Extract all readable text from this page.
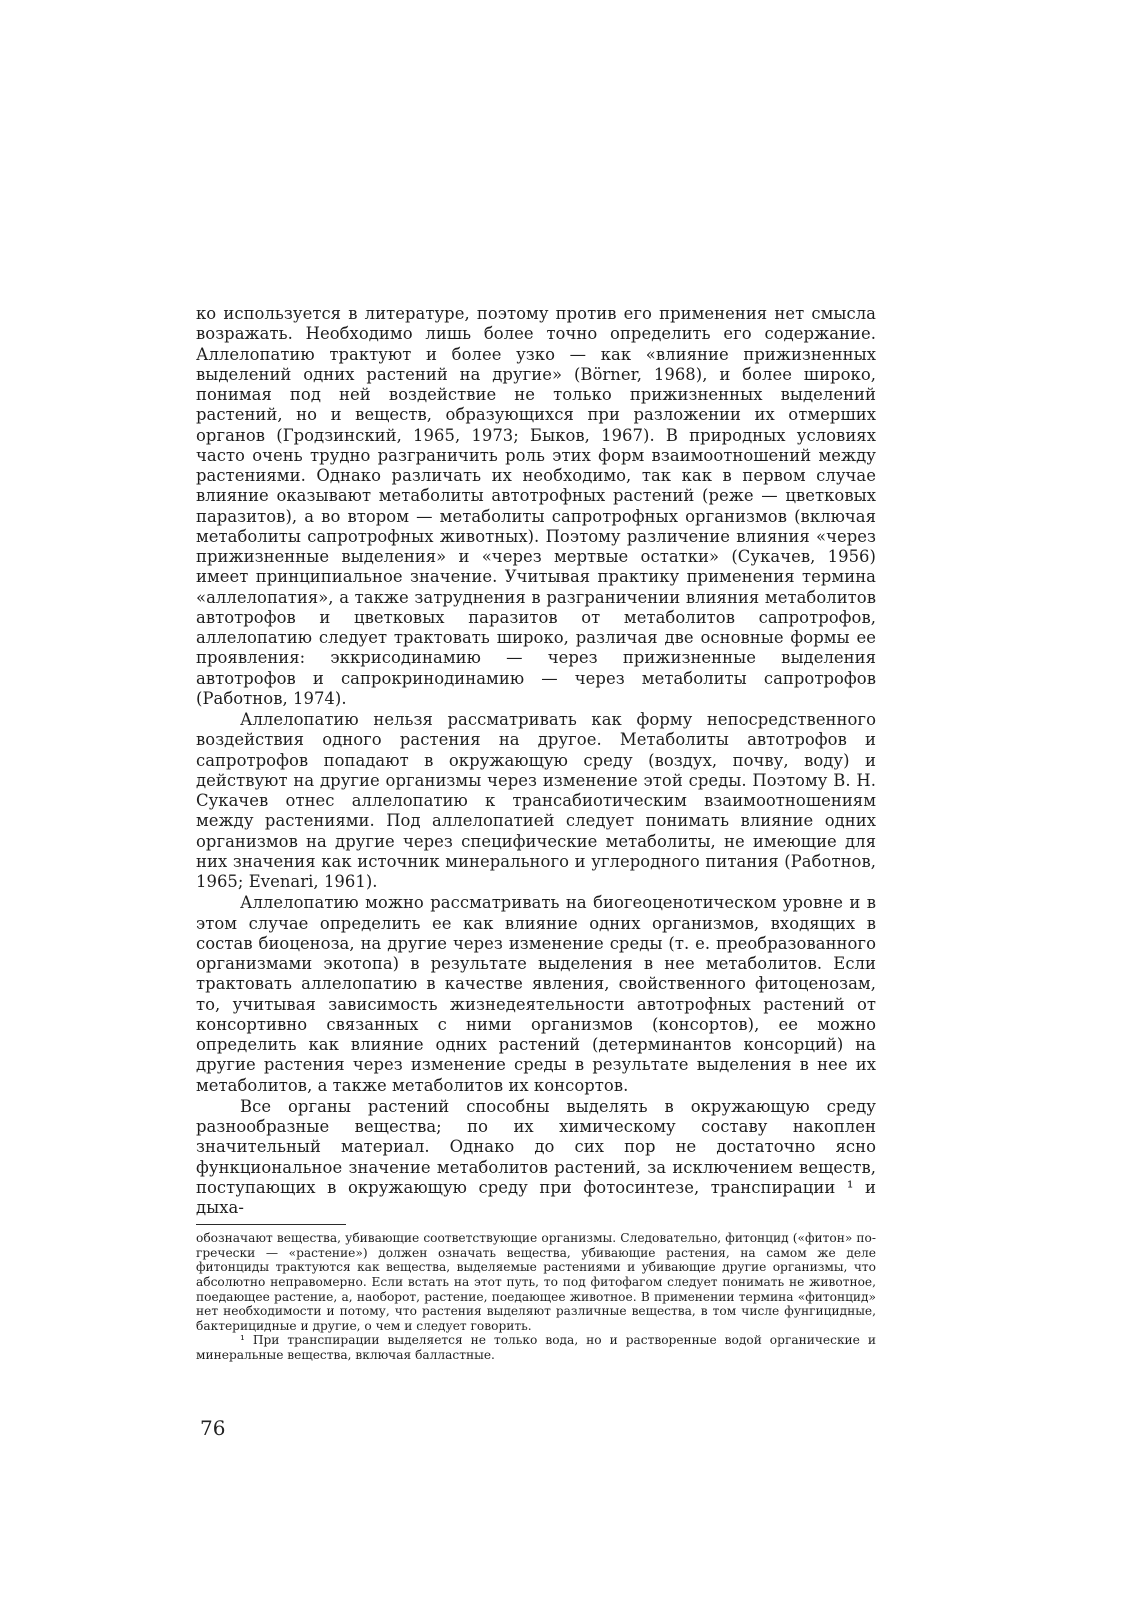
ко используется в литературе, поэтому против его применения нет смысла возражать. Необходимо лишь более точно определить его содержание. Аллелопатию трактуют и более узко — как «влияние прижизненных выделений одних растений на другие» (Börner, 1968), и более широко, понимая под ней воздействие не только прижизненных выделений растений, но и веществ, образующихся при разложении их отмерших органов (Гродзинский, 1965, 1973; Быков, 1967). В природных условиях часто очень трудно разграничить роль этих форм взаимоотношений между растениями. Однако различать их необходимо, так как в первом случае влияние оказывают метаболиты автотрофных растений (реже — цветковых паразитов), а во втором — метаболиты сапротрофных организмов (включая метаболиты сапротрофных животных). Поэтому различение влияния «через прижизненные выделения» и «через мертвые остатки» (Сукачев, 1956) имеет принципиальное значение. Учитывая практику применения термина «аллелопатия», а также затруднения в разграничении влияния метаболитов автотрофов и цветковых паразитов от метаболитов сапротрофов, аллелопатию следует трактовать широко, различая две основные формы ее проявления: эккрисодинамию — через прижизненные выделения автотрофов и сапрокринодинамию — через метаболиты сапротрофов (Работнов, 1974).

Аллелопатию нельзя рассматривать как форму непосредственного воздействия одного растения на другое. Метаболиты автотрофов и сапротрофов попадают в окружающую среду (воздух, почву, воду) и действуют на другие организмы через изменение этой среды. Поэтому В. Н. Сукачев отнес аллелопатию к трансабиотическим взаимоотношениям между растениями. Под аллелопатией следует понимать влияние одних организмов на другие через специфические метаболиты, не имеющие для них значения как источник минерального и углеродного питания (Работнов, 1965; Evenari, 1961).

Аллелопатию можно рассматривать на биогеоценотическом уровне и в этом случае определить ее как влияние одних организмов, входящих в состав биоценоза, на другие через изменение среды (т. е. преобразованного организмами экотопа) в результате выделения в нее метаболитов. Если трактовать аллелопатию в качестве явления, свойственного фитоценозам, то, учитывая зависимость жизнедеятельности автотрофных растений от консортивно связанных с ними организмов (консортов), ее можно определить как влияние одних растений (детерминантов консорций) на другие растения через изменение среды в результате выделения в нее их метаболитов, а также метаболитов их консортов.

Все органы растений способны выделять в окружающую среду разнообразные вещества; по их химическому составу накоплен значительный материал. Однако до сих пор не достаточно ясно функциональное значение метаболитов растений, за исключением веществ, поступающих в окружающую среду при фотосинтезе, транспирации ¹ и дыха-

обозначают вещества, убивающие соответствующие организмы. Следовательно, фитонцид («фитон» по-гречески — «растение») должен означать вещества, убивающие растения, на самом же деле фитонциды трактуются как вещества, выделяемые растениями и убивающие другие организмы, что абсолютно неправомерно. Если встать на этот путь, то под фитофагом следует понимать не животное, поедающее растение, а, наоборот, растение, поедающее животное. В применении термина «фитонцид» нет необходимости и потому, что растения выделяют различные вещества, в том числе фунгицидные, бактерицидные и другие, о чем и следует говорить.

¹ При транспирации выделяется не только вода, но и растворенные водой органические и минеральные вещества, включая балластные.

76
